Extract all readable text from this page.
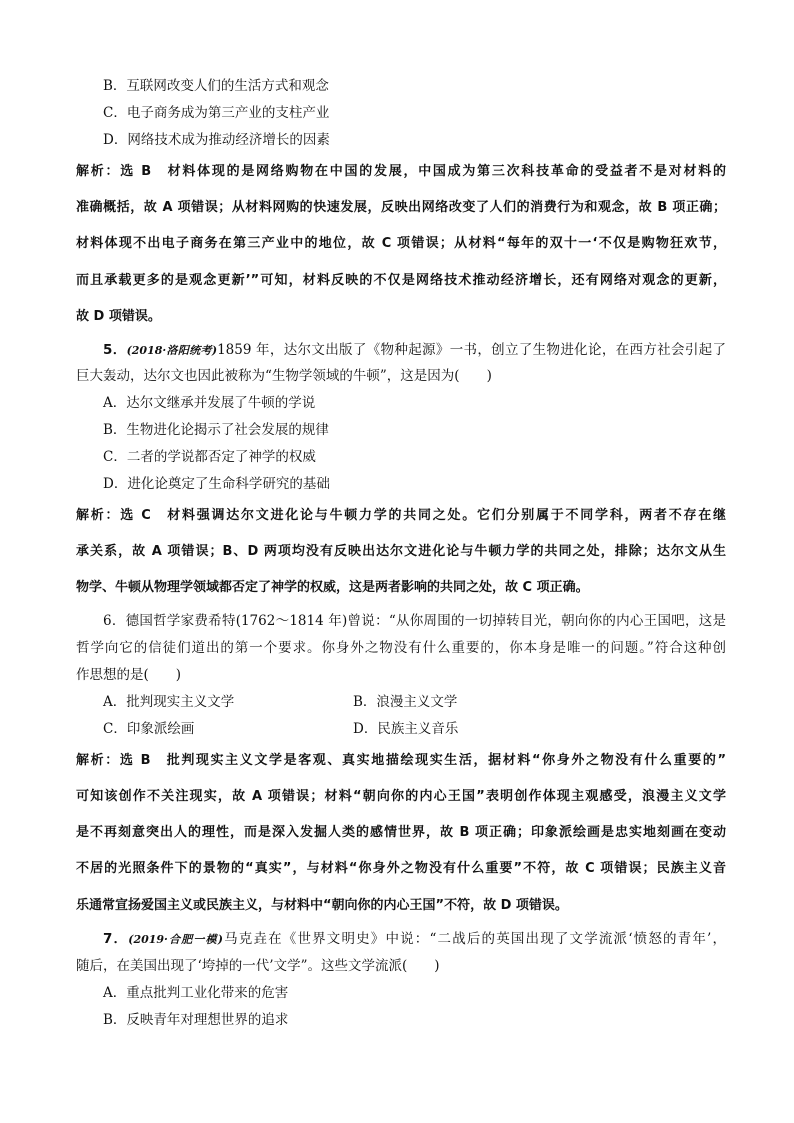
B．互联网改变人们的生活方式和观念
C．电子商务成为第三产业的支柱产业
D．网络技术成为推动经济增长的因素
解析：选 B　材料体现的是网络购物在中国的发展，中国成为第三次科技革命的受益者不是对材料的
准确概括，故 A 项错误；从材料网购的快速发展，反映出网络改变了人们的消费行为和观念，故 B 项正确；
材料体现不出电子商务在第三产业中的地位，故 C 项错误；从材料“每年的双十一‘不仅是购物狂欢节，
而且承载更多的是观念更新’”可知，材料反映的不仅是网络技术推动经济增长，还有网络对观念的更新，
故 D 项错误。
5．(2018·洛阳统考)1859 年，达尔文出版了《物种起源》一书，创立了生物进化论，在西方社会引起了
巨大轰动，达尔文也因此被称为“生物学领域的牛顿”，这是因为(　　)
A．达尔文继承并发展了牛顿的学说
B．生物进化论揭示了社会发展的规律
C．二者的学说都否定了神学的权威
D．进化论奠定了生命科学研究的基础
解析：选 C　材料强调达尔文进化论与牛顿力学的共同之处。它们分别属于不同学科，两者不存在继
承关系，故 A 项错误；B、D 两项均没有反映出达尔文进化论与牛顿力学的共同之处，排除；达尔文从生
物学、牛顿从物理学领域都否定了神学的权威，这是两者影响的共同之处，故 C 项正确。
6．德国哲学家费希特(1762～1814 年)曾说：“从你周围的一切掉转目光，朝向你的内心王国吧，这是
哲学向它的信徒们道出的第一个要求。你身外之物没有什么重要的，你本身是唯一的问题。”符合这种创
作思想的是(　　)
A．批判现实主义文学	B．浪漫主义文学
C．印象派绘画	D．民族主义音乐
解析：选 B　批判现实主义文学是客观、真实地描绘现实生活，据材料“你身外之物没有什么重要的”
可知该创作不关注现实，故 A 项错误；材料“朝向你的内心王国”表明创作体现主观感受，浪漫主义文学
是不再刻意突出人的理性，而是深入发掘人类的感情世界，故 B 项正确；印象派绘画是忠实地刻画在变动
不居的光照条件下的景物的“真实”，与材料“你身外之物没有什么重要”不符，故 C 项错误；民族主义音
乐通常宣扬爱国主义或民族主义，与材料中“朝向你的内心王国”不符，故 D 项错误。
7．(2019·合肥一模)马克垚在《世界文明史》中说：“二战后的英国出现了文学流派‘愤怒的青年’，
随后，在美国出现了‘垮掉的一代’文学”。这些文学流派(　　)
A．重点批判工业化带来的危害
B．反映青年对理想世界的追求
